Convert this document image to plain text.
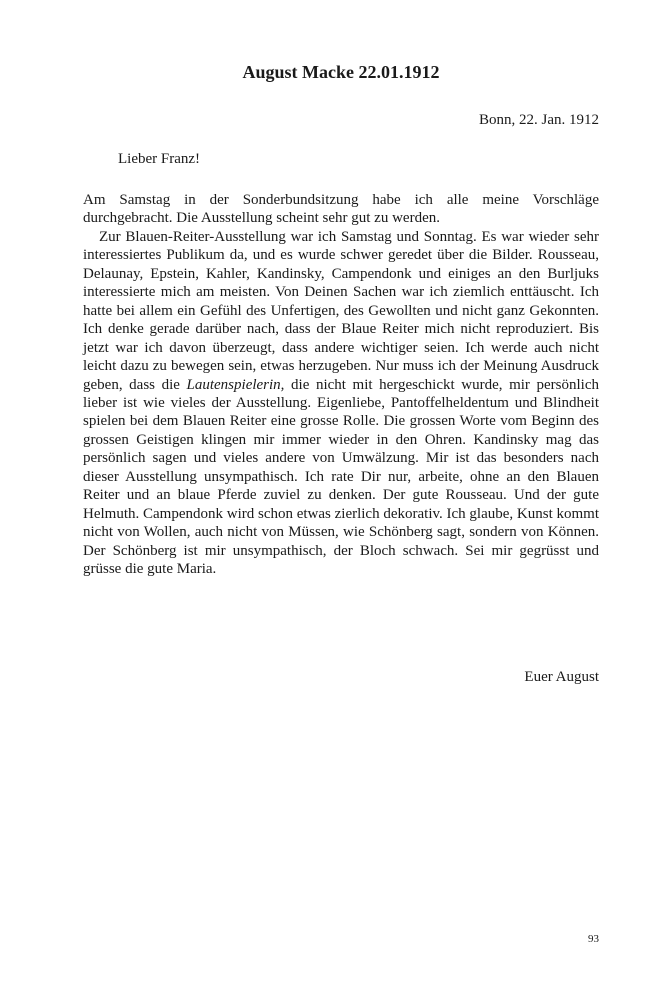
August Macke 22.01.1912
Bonn, 22. Jan. 1912
Lieber Franz!

Am Samstag in der Sonderbundsitzung habe ich alle meine Vorschläge durchgebracht. Die Ausstellung scheint sehr gut zu werden.

Zur Blauen-Reiter-Ausstellung war ich Samstag und Sonntag. Es war wieder sehr interessiertes Publikum da, und es wurde schwer geredet über die Bilder. Rousseau, Delaunay, Epstein, Kahler, Kandinsky, Campendonk und einiges an den Burljuks interessierte mich am meisten. Von Deinen Sachen war ich ziemlich enttäuscht. Ich hatte bei allem ein Gefühl des Unfertigen, des Gewollten und nicht ganz Gekonnten. Ich denke gerade darüber nach, dass der Blaue Reiter mich nicht reproduziert. Bis jetzt war ich davon überzeugt, dass andere wichtiger seien. Ich werde auch nicht leicht dazu zu bewegen sein, etwas herzugeben. Nur muss ich der Meinung Ausdruck geben, dass die Lautenspielerin, die nicht mit hergeschickt wurde, mir persönlich lieber ist wie vieles der Ausstellung. Eigenliebe, Pantoffelheldentum und Blindheit spielen bei dem Blauen Reiter eine grosse Rolle. Die grossen Worte vom Beginn des grossen Geistigen klingen mir immer wieder in den Ohren. Kandinsky mag das persönlich sagen und vieles andere von Umwälzung. Mir ist das besonders nach dieser Ausstellung unsympathisch. Ich rate Dir nur, arbeite, ohne an den Blauen Reiter und an blaue Pferde zuviel zu denken. Der gute Rousseau. Und der gute Helmuth. Campendonk wird schon etwas zierlich dekorativ. Ich glaube, Kunst kommt nicht von Wollen, auch nicht von Müssen, wie Schönberg sagt, sondern von Können. Der Schönberg ist mir unsympathisch, der Bloch schwach. Sei mir gegrüsst und grüsse die gute Maria.

Euer August
93
